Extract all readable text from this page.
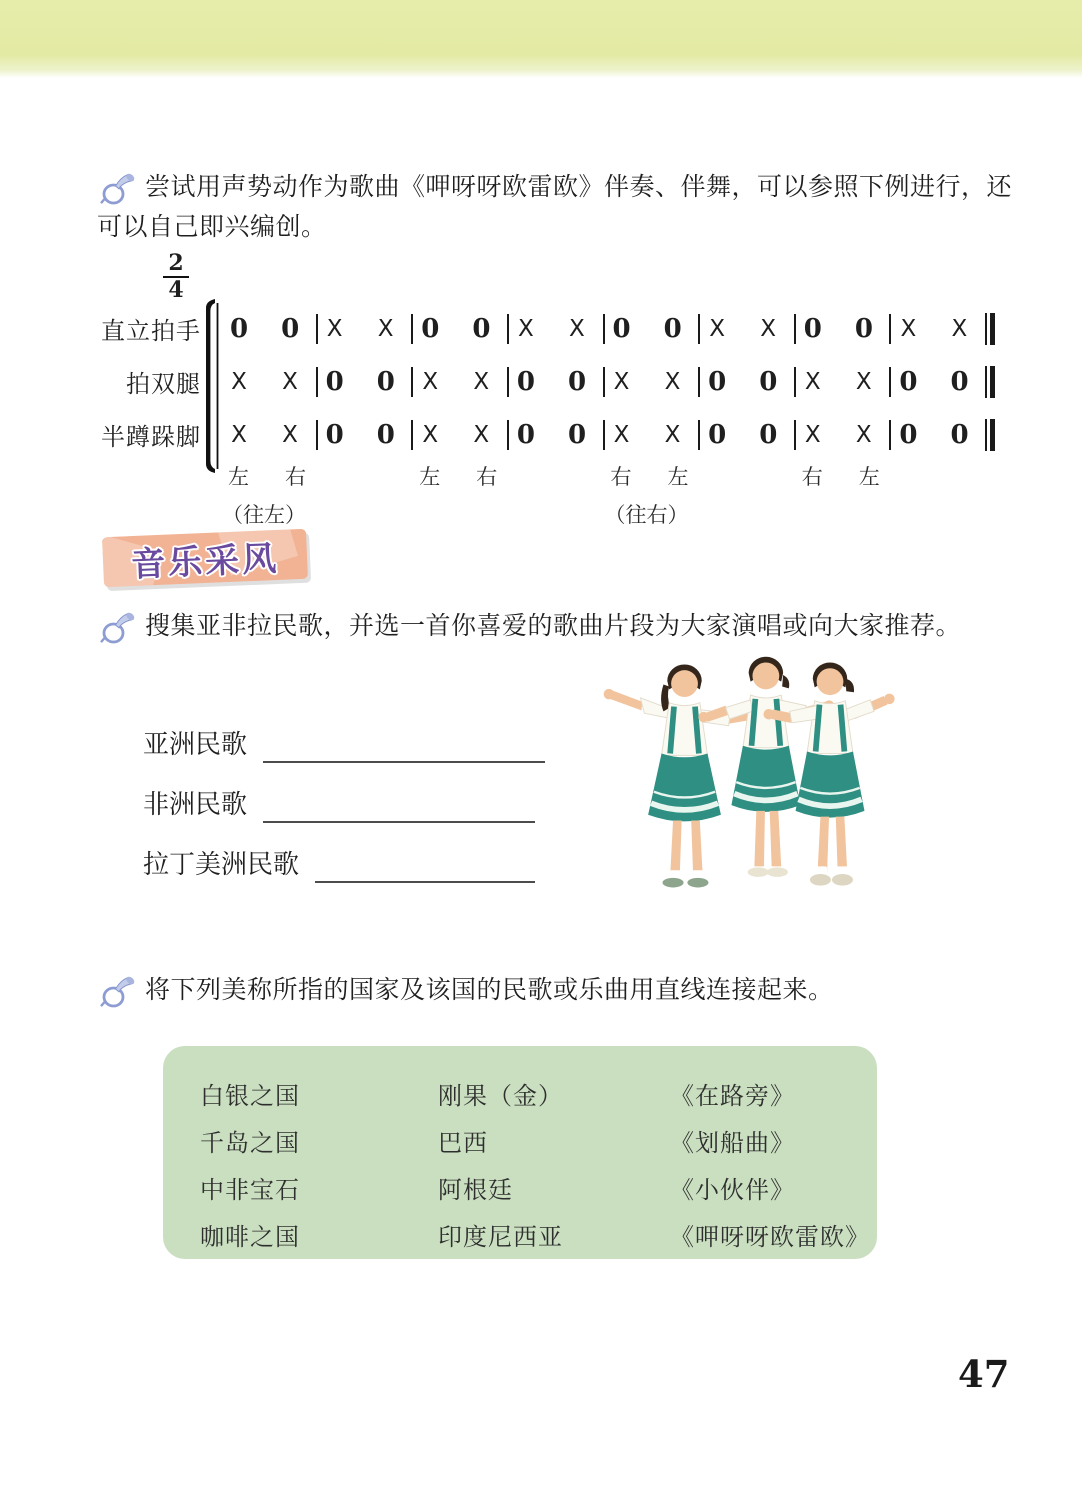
尝试用声势动作为歌曲《呷呀呀欧雷欧》伴奏、伴舞，可以参照下例进行，还
可以自己即兴编创。
$\frac{2}{4}$
直立拍手 0 0 X X 0 0 X X 0 0 X X 0 0 X X
拍双腿 X X 0 0 X X 0 0 X X 0 0 X X 0 0
半蹲跺脚 X X 0 0 X X 0 0 X X 0 0 X X 0 0
左 右	左 右	右 左	右 左
（往左）	（往右）
音乐采风
搜集亚非拉民歌，并选一首你喜爱的歌曲片段为大家演唱或向大家推荐。
亚洲民歌
非洲民歌
拉丁美洲民歌
将下列美称所指的国家及该国的民歌或乐曲用直线连接起来。
白银之国	刚果（金）	《在路旁》
千岛之国	巴西	《划船曲》
中非宝石	阿根廷	《小伙伴》
咖啡之国	印度尼西亚	《呷呀呀欧雷欧》
47
